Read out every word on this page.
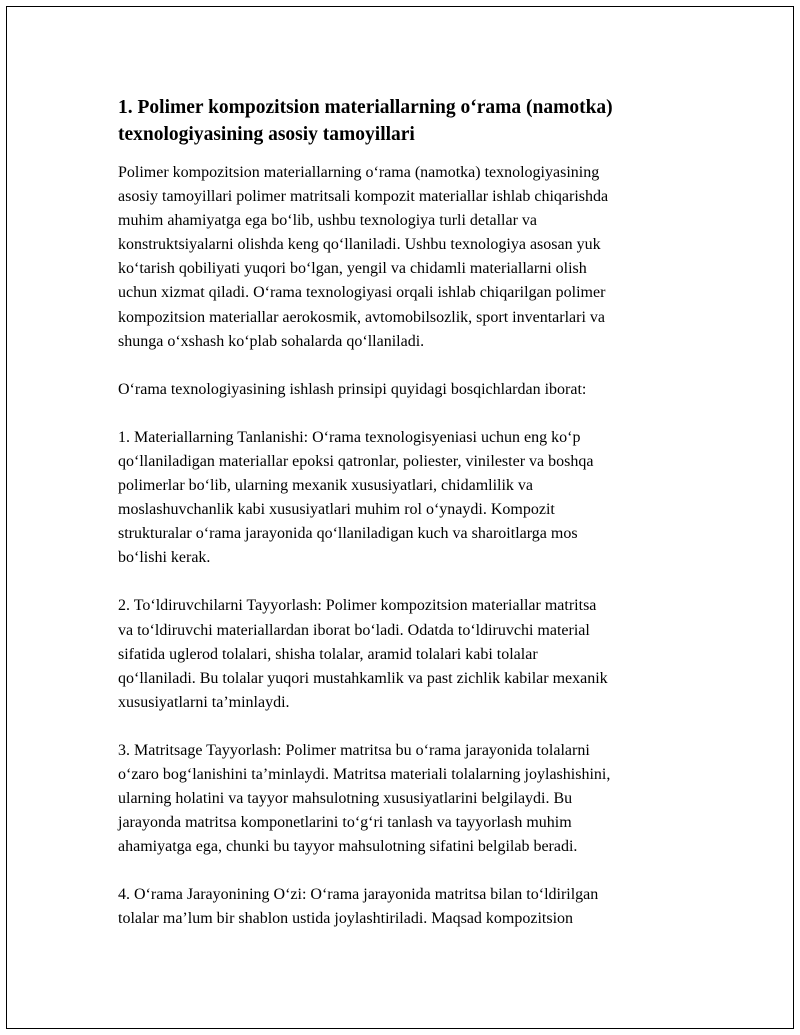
1. Polimer kompozitsion materiallarning o‘rama (namotka)
texnologiyasining asosiy tamoyillari

Polimer kompozitsion materiallarning o‘rama (namotka) texnologiyasining
asosiy tamoyillari polimer matritsali kompozit materiallar ishlab chiqarishda
muhim ahamiyatga ega bo‘lib, ushbu texnologiya turli detallar va
konstruktsiyalarni olishda keng qo‘llaniladi. Ushbu texnologiya asosan yuk
ko‘tarish qobiliyati yuqori bo‘lgan, yengil va chidamli materiallarni olish
uchun xizmat qiladi. O‘rama texnologiyasi orqali ishlab chiqarilgan polimer
kompozitsion materiallar aerokosmik, avtomobilsozlik, sport inventarlari va
shunga o‘xshash ko‘plab sohalarda qo‘llaniladi.

O‘rama texnologiyasining ishlash prinsipi quyidagi bosqichlardan iborat:

1. Materiallarning Tanlanishi: O‘rama texnologisyeniasi uchun eng ko‘p
qo‘llaniladigan materiallar epoksi qatronlar, poliester, vinilester va boshqa
polimerlar bo‘lib, ularning mexanik xususiyatlari, chidamlilik va
moslashuvchanlik kabi xususiyatlari muhim rol o‘ynaydi. Kompozit
strukturalar o‘rama jarayonida qo‘llaniladigan kuch va sharoitlarga mos
bo‘lishi kerak.

2. To‘ldiruvchilarni Tayyorlash: Polimer kompozitsion materiallar matritsa
va to‘ldiruvchi materiallardan iborat bo‘ladi. Odatda to‘ldiruvchi material
sifatida uglerod tolalari, shisha tolalar, aramid tolalari kabi tolalar
qo‘llaniladi. Bu tolalar yuqori mustahkamlik va past zichlik kabilar mexanik
xususiyatlarni ta’minlaydi.

3. Matritsage Tayyorlash: Polimer matritsa bu o‘rama jarayonida tolalarni
o‘zaro bog‘lanishini ta’minlaydi. Matritsa materiali tolalarning joylashishini,
ularning holatini va tayyor mahsulotning xususiyatlarini belgilaydi. Bu
jarayonda matritsa komponetlarini to‘g‘ri tanlash va tayyorlash muhim
ahamiyatga ega, chunki bu tayyor mahsulotning sifatini belgilab beradi.

4. O‘rama Jarayonining O‘zi: O‘rama jarayonida matritsa bilan to‘ldirilgan
tolalar ma’lum bir shablon ustida joylashtiriladi. Maqsad kompozitsion
